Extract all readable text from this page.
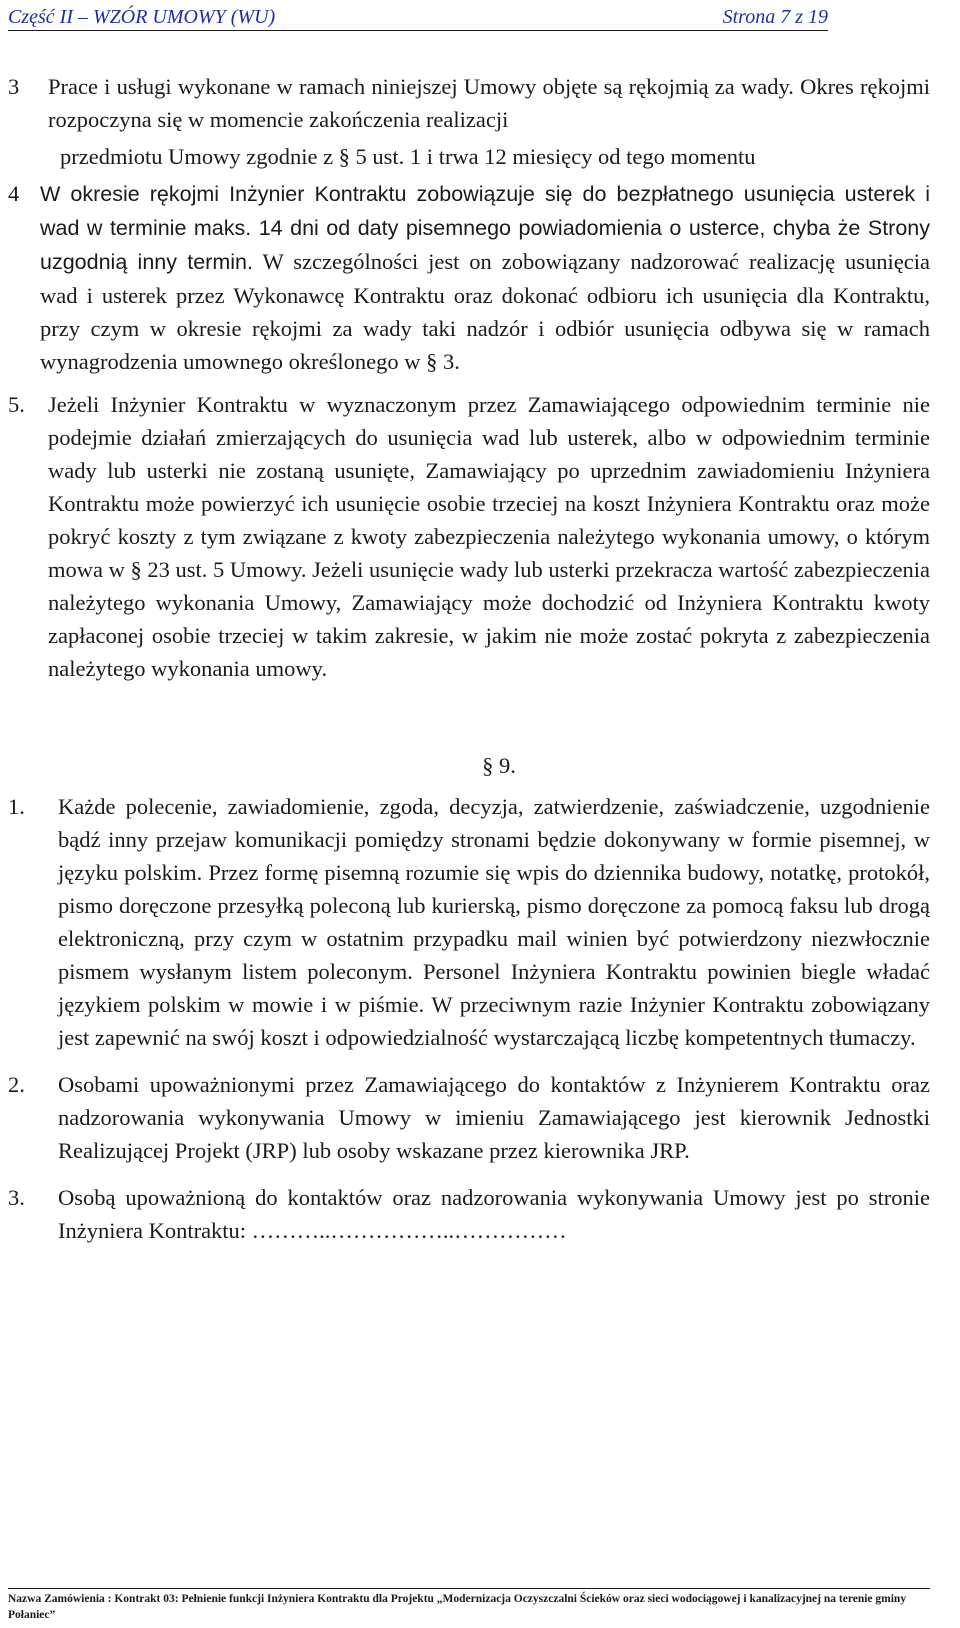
Część II – WZÓR UMOWY (WU)	Strona 7 z 19
3 Prace i usługi wykonane w ramach niniejszej Umowy objęte są rękojmią za wady. Okres rękojmi rozpoczyna się w momencie zakończenia realizacji
przedmiotu Umowy zgodnie z § 5 ust. 1 i trwa 12 miesięcy od tego momentu
4 W okresie rękojmi Inżynier Kontraktu zobowiązuje się do bezpłatnego usunięcia usterek i wad w terminie maks. 14 dni od daty pisemnego powiadomienia o usterce, chyba że Strony uzgodnią inny termin. W szczególności jest on zobowiązany nadzorować realizację usunięcia wad i usterek przez Wykonawcę Kontraktu oraz dokonać odbioru ich usunięcia dla Kontraktu, przy czym w okresie rękojmi za wady taki nadzór i odbiór usunięcia odbywa się w ramach wynagrodzenia umownego określonego w § 3.
5. Jeżeli Inżynier Kontraktu w wyznaczonym przez Zamawiającego odpowiednim terminie nie podejmie działań zmierzających do usunięcia wad lub usterek, albo w odpowiednim terminie wady lub usterki nie zostaną usunięte, Zamawiający po uprzednim zawiadomieniu Inżyniera Kontraktu może powierzyć ich usunięcie osobie trzeciej na koszt Inżyniera Kontraktu oraz może pokryć koszty z tym związane z kwoty zabezpieczenia należytego wykonania umowy, o którym mowa w § 23 ust. 5 Umowy. Jeżeli usunięcie wady lub usterki przekracza wartość zabezpieczenia należytego wykonania Umowy, Zamawiający może dochodzić od Inżyniera Kontraktu kwoty zapłaconej osobie trzeciej w takim zakresie, w jakim nie może zostać pokryta z zabezpieczenia należytego wykonania umowy.
§ 9.
1. Każde polecenie, zawiadomienie, zgoda, decyzja, zatwierdzenie, zaświadczenie, uzgodnienie bądź inny przejaw komunikacji pomiędzy stronami będzie dokonywany w formie pisemnej, w języku polskim. Przez formę pisemną rozumie się wpis do dziennika budowy, notatkę, protokół, pismo doręczone przesyłką poleconą lub kurierską, pismo doręczone za pomocą faksu lub drogą elektroniczną, przy czym w ostatnim przypadku mail winien być potwierdzony niezwłocznie pismem wysłanym listem poleconym. Personel Inżyniera Kontraktu powinien biegle władać językiem polskim w mowie i w piśmie. W przeciwnym razie Inżynier Kontraktu zobowiązany jest zapewnić na swój koszt i odpowiedzialność wystarczającą liczbę kompetentnych tłumaczy.
2. Osobami upoważnionymi przez Zamawiającego do kontaktów z Inżynierem Kontraktu oraz nadzorowania wykonywania Umowy w imieniu Zamawiającego jest kierownik Jednostki Realizującej Projekt (JRP) lub osoby wskazane przez kierownika JRP.
3. Osobą upoważnioną do kontaktów oraz nadzorowania wykonywania Umowy jest po stronie Inżyniera Kontraktu: ………..……………..……………
Nazwa Zamówienia : Kontrakt 03: Pełnienie funkcji Inżyniera Kontraktu dla Projektu „Modernizacja Oczyszczalni Ścieków oraz sieci wodociągowej i kanalizacyjnej na terenie gminy Połaniec”
